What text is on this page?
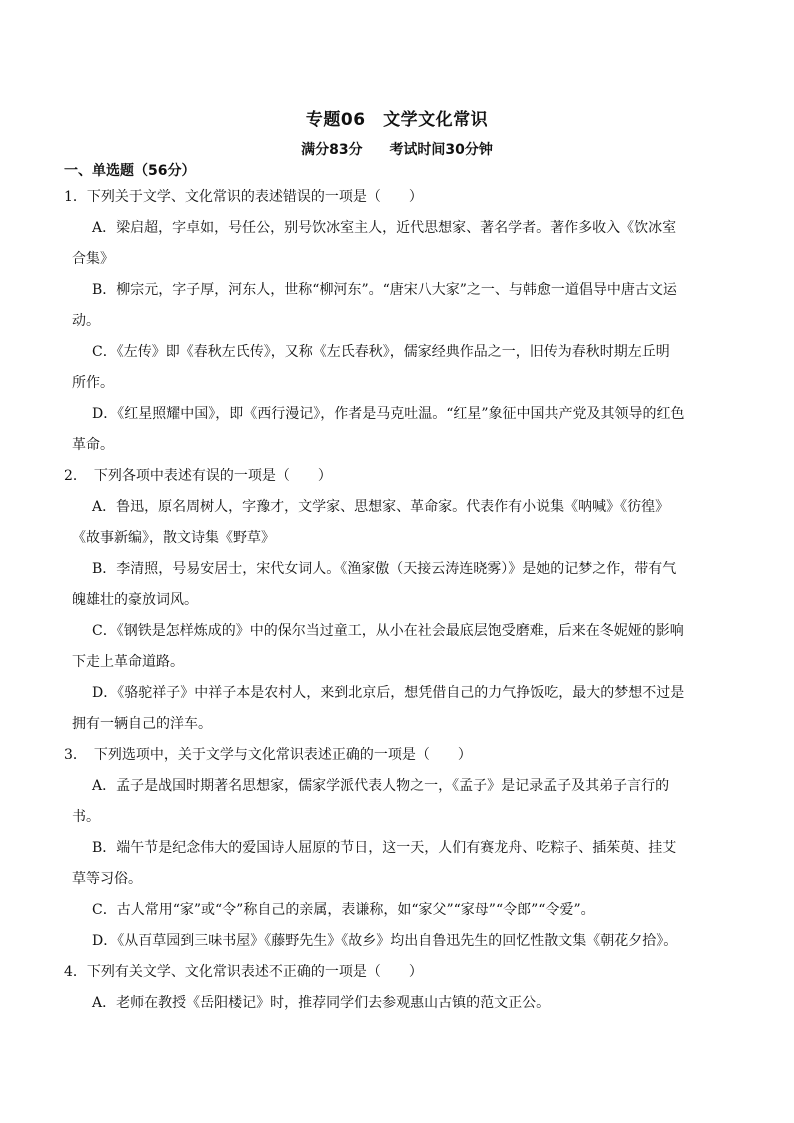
专题06　文学文化常识
满分83分 考试时间30分钟
一、单选题（56分）
1．下列关于文学、文化常识的表述错误的一项是（　　）
A．梁启超，字卓如，号任公，别号饮冰室主人，近代思想家、著名学者。著作多收入《饮冰室
合集》
B．柳宗元，字子厚，河东人，世称“柳河东”。“唐宋八大家”之一、与韩愈一道倡导中唐古文运
动。
C．《左传》即《春秋左氏传》，又称《左氏春秋》，儒家经典作品之一，旧传为春秋时期左丘明
所作。
D．《红星照耀中国》，即《西行漫记》，作者是马克吐温。“红星”象征中国共产党及其领导的红色
革命。
2．　下列各项中表述有误的一项是（　　）
A．鲁迅，原名周树人，字豫才，文学家、思想家、革命家。代表作有小说集《呐喊》《彷徨》
《故事新编》，散文诗集《野草》
B．李清照，号易安居士，宋代女词人。《渔家傲（天接云涛连晓雾）》是她的记梦之作，带有气
魄雄壮的豪放词风。
C．《钢铁是怎样炼成的》中的保尔当过童工，从小在社会最底层饱受磨难，后来在冬妮娅的影响
下走上革命道路。
D．《骆驼祥子》中祥子本是农村人，来到北京后，想凭借自己的力气挣饭吃，最大的梦想不过是
拥有一辆自己的洋车。
3．　下列选项中，关于文学与文化常识表述正确的一项是（　　）
A．孟子是战国时期著名思想家，儒家学派代表人物之一，《孟子》是记录孟子及其弟子言行的
书。
B．端午节是纪念伟大的爱国诗人屈原的节日，这一天，人们有赛龙舟、吃粽子、插茱萸、挂艾
草等习俗。
C．古人常用“家”或“令”称自己的亲属，表谦称，如“家父”“家母”“令郎”“令爱”。
D．《从百草园到三味书屋》《藤野先生》《故乡》均出自鲁迅先生的回忆性散文集《朝花夕拾》。
4．下列有关文学、文化常识表述不正确的一项是（　　）
A．老师在教授《岳阳楼记》时，推荐同学们去参观惠山古镇的范文正公。
